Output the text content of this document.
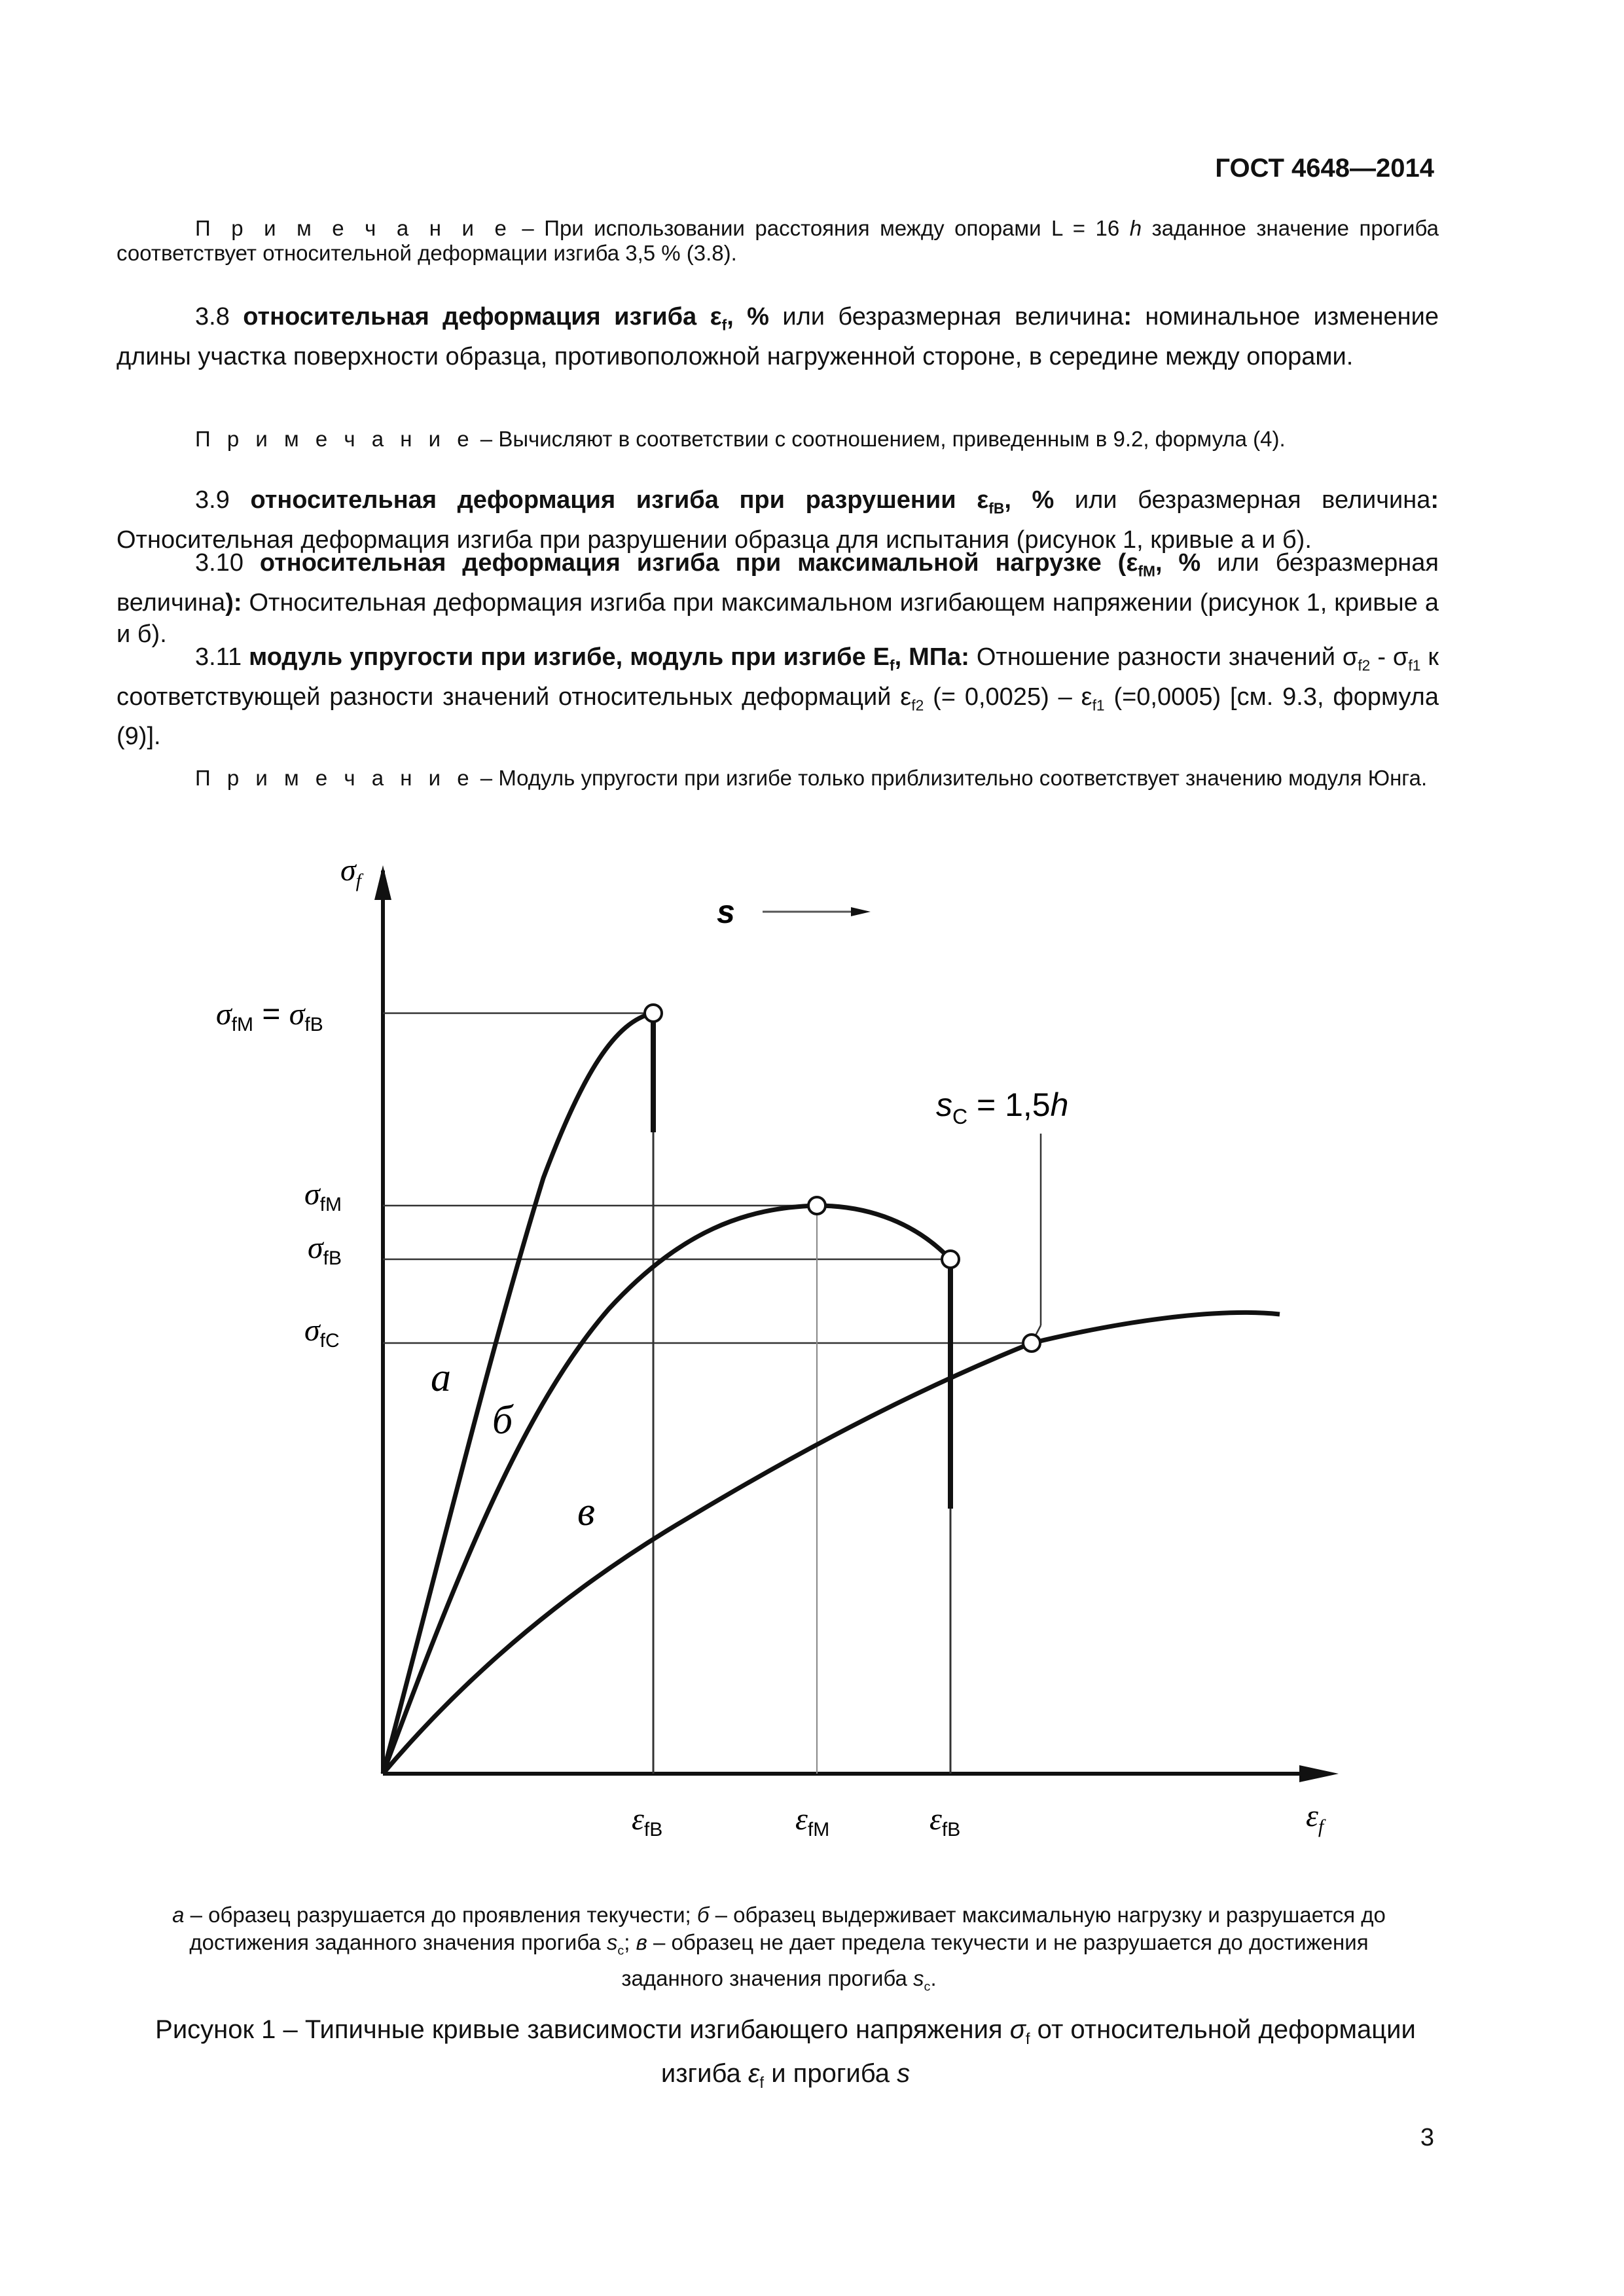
ГОСТ 4648—2014
П р и м е ч а н и е – При использовании расстояния между опорами L = 16 h заданное значение прогиба соответствует относительной деформации изгиба 3,5 % (3.8).
3.8 относительная деформация изгиба $\varepsilon_f$, % или безразмерная величина: номинальное изменение длины участка поверхности образца, противоположной нагруженной стороне, в середине между опорами.
П р и м е ч а н и е – Вычисляют в соответствии с соотношением, приведенным в 9.2, формула (4).
3.9 относительная деформация изгиба при разрушении $\varepsilon_{fB}$, % или безразмерная величина: Относительная деформация изгиба при разрушении образца для испытания (рисунок 1, кривые а и б).
3.10 относительная деформация изгиба при максимальной нагрузке ($\varepsilon_{fM}$, % или безразмерная величина): Относительная деформация изгиба при максимальном изгибающем напряжении (рисунок 1, кривые а и б).
3.11 модуль упругости при изгибе, модуль при изгибе $E_f$, МПа: Отношение разности значений $\sigma_{f2} - \sigma_{f1}$ к соответствующей разности значений относительных деформаций $\varepsilon_{f2}$ (= $0,0025) - \varepsilon_{f1}$ (=0,0005) [см. 9.3, формула (9)].
П р и м е ч а н и е – Модуль упругости при изгибе только приблизительно соответствует значению модуля Юнга.
$\sigma_f$
$\varepsilon_f$
s
$s_C = 1,5h$
$\sigma_{fM} = \sigma_{fB}$
$\sigma_{fM}$
$\sigma_{fB}$
$\sigma_{fC}$
$\varepsilon_{fB}$	$\varepsilon_{fM}$	$\varepsilon_{fB}$
а
б
в
а – образец разрушается до проявления текучести; б – образец выдерживает максимальную нагрузку и разрушается до достижения заданного значения прогиба $s_c$; в – образец не дает предела текучести и не разрушается до достижения заданного значения прогиба $s_c$.
Рисунок 1 – Типичные кривые зависимости изгибающего напряжения $\sigma_f$ от относительной деформации изгиба $\varepsilon_f$ и прогиба s
3
